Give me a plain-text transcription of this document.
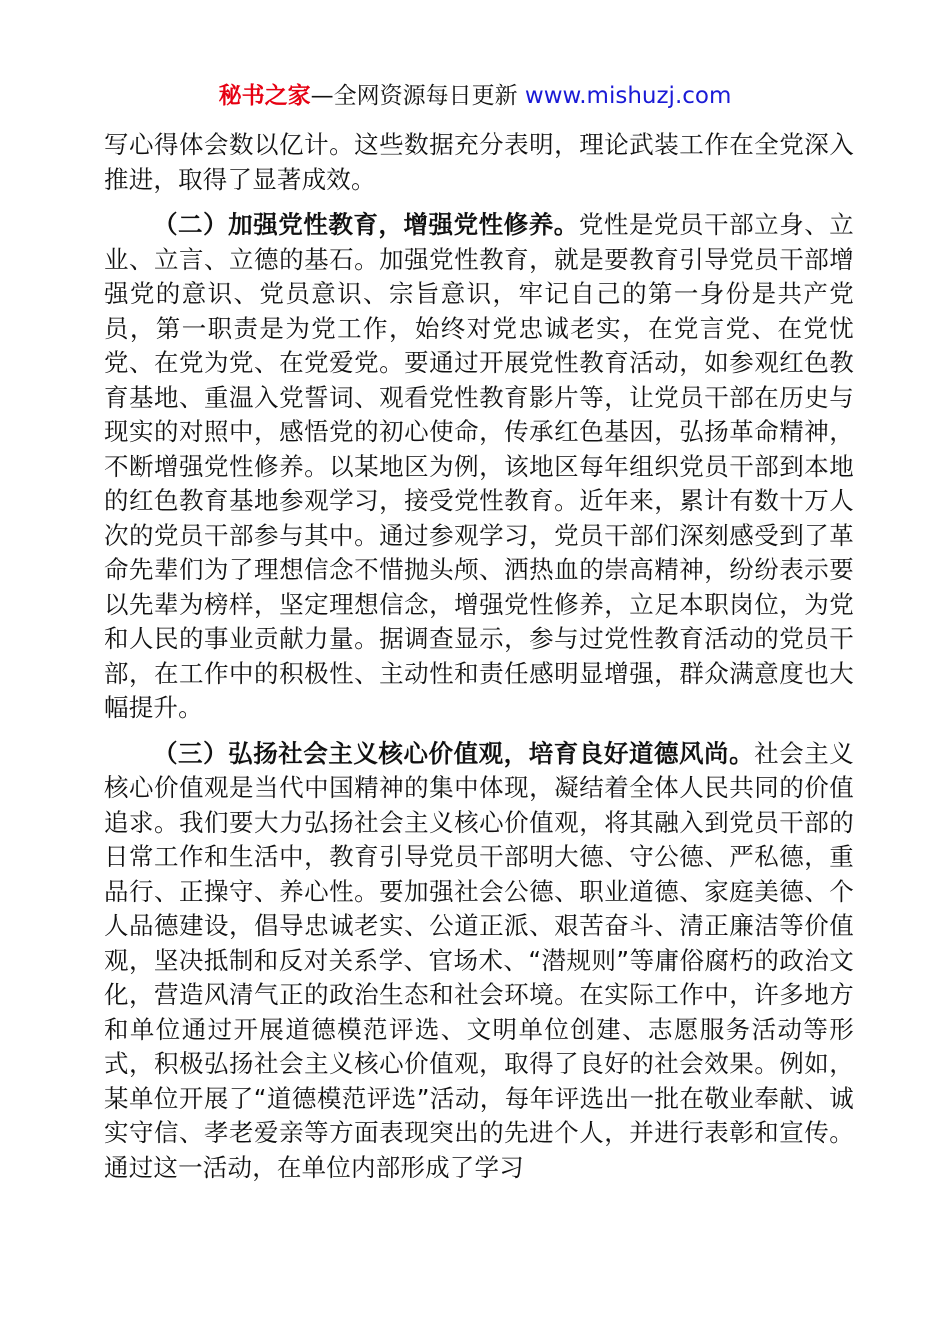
秘书之家—全网资源每日更新 www.mishuzj.com

写心得体会数以亿计。这些数据充分表明，理论武装工作在全党深入推进，取得了显著成效。

（二）加强党性教育，增强党性修养。党性是党员干部立身、立业、立言、立德的基石。加强党性教育，就是要教育引导党员干部增强党的意识、党员意识、宗旨意识，牢记自己的第一身份是共产党员，第一职责是为党工作，始终对党忠诚老实，在党言党、在党忧党、在党为党、在党爱党。要通过开展党性教育活动，如参观红色教育基地、重温入党誓词、观看党性教育影片等，让党员干部在历史与现实的对照中，感悟党的初心使命，传承红色基因，弘扬革命精神，不断增强党性修养。以某地区为例，该地区每年组织党员干部到本地的红色教育基地参观学习，接受党性教育。近年来，累计有数十万人次的党员干部参与其中。通过参观学习，党员干部们深刻感受到了革命先辈们为了理想信念不惜抛头颅、洒热血的崇高精神，纷纷表示要以先辈为榜样，坚定理想信念，增强党性修养，立足本职岗位，为党和人民的事业贡献力量。据调查显示，参与过党性教育活动的党员干部，在工作中的积极性、主动性和责任感明显增强，群众满意度也大幅提升。

（三）弘扬社会主义核心价值观，培育良好道德风尚。社会主义核心价值观是当代中国精神的集中体现，凝结着全体人民共同的价值追求。我们要大力弘扬社会主义核心价值观，将其融入到党员干部的日常工作和生活中，教育引导党员干部明大德、守公德、严私德，重品行、正操守、养心性。要加强社会公德、职业道德、家庭美德、个人品德建设，倡导忠诚老实、公道正派、艰苦奋斗、清正廉洁等价值观，坚决抵制和反对关系学、官场术、“潜规则”等庸俗腐朽的政治文化，营造风清气正的政治生态和社会环境。在实际工作中，许多地方和单位通过开展道德模范评选、文明单位创建、志愿服务活动等形式，积极弘扬社会主义核心价值观，取得了良好的社会效果。例如，某单位开展了“道德模范评选”活动，每年评选出一批在敬业奉献、诚实守信、孝老爱亲等方面表现突出的先进个人，并进行表彰和宣传。通过这一活动，在单位内部形成了学习
